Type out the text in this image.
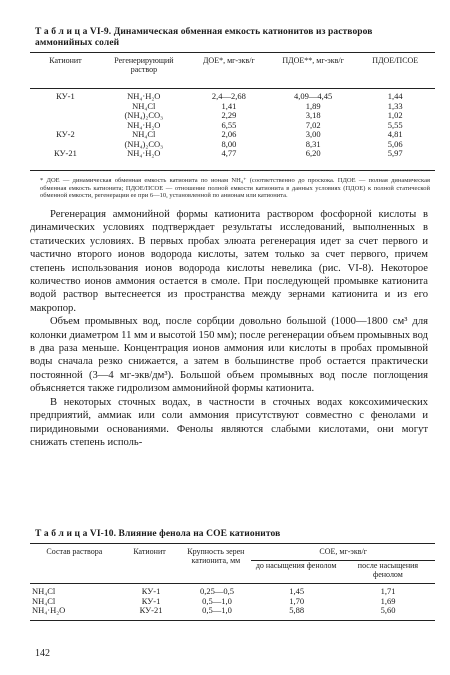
Т а б л и ц а VI-9. Динамическая обменная емкость катионитов из растворов аммонийных солей
Катионит	Регенерирующий раствор	ДОЕ*, мг-экв/г	ПДОЕ**, мг-экв/г	ПДОЕ/ПСОЕ
КУ-1	NH₄·H₂O	2,4—2,68	4,09—4,45	1,44
	NH₄Cl	1,41	1,89	1,33
	(NH₄)₂CO₃	2,29	3,18	1,02
	NH₄·H₂O	6,55	7,02	5,55
КУ-2	NH₄Cl	2,06	3,00	4,81
	(NH₄)₂CO₃	8,00	8,31	5,06
КУ-21	NH₄·H₂O	4,77	6,20	5,97
* ДОЕ — динамическая обменная емкость катионита по ионам NH₄⁺ (соответственно до проскока. ПДОЕ — полная динамическая обменная емкость катионита; ПДОЕ/ПСОЕ — отношение полной емкости катионита в данных условиях (ПДОЕ) к полной статической обменной емкости, регенерации ее при 6—10, установленной по анионам или катионита.

Регенерация аммонийной формы катионита раствором фосфорной кислоты в динамических условиях подтверждает результаты исследований, выполненных в статических условиях. В первых пробах элюата регенерация идет за счет первого и частично второго ионов водорода кислоты, затем только за счет первого, причем степень использования ионов водорода кислоты невелика (рис. VI-8). Некоторое количество ионов аммония остается в смоле. При последующей промывке катионита водой раствор вытеснеется из пространства между зернами катионита и из его макропор.

Объем промывных вод, после сорбции довольно большой (1000—1800 см³ для колонки диаметром 11 мм и высотой 150 мм); после регенерации объем промывных вод в два раза меньше. Концентрация ионов аммония или кислоты в пробах промывной воды сначала резко снижается, а затем в большинстве проб остается практически постоянной (3—4 мг-экв/дм³). Большой объем промывных вод после поглощения объясняется также гидролизом аммонийной формы катионита.

В некоторых сточных водах, в частности в сточных водах коксохимических предприятий, аммиак или соли аммония присутствуют совместно с фенолами и пиридиновыми основаниями. Фенолы являются слабыми кислотами, они могут снижать степень исполь-

Т а б л и ц а VI-10. Влияние фенола на СОЕ катионитов
Состав раствора	Катионит	Крупность зерен катионита, мм	СОЕ, мг-экв/г	
			до насыщения фенолом	после насыщения фенолом
NH₄Cl	КУ-1	0,25—0,5	1,45	1,71
NH₄Cl	КУ-1	0,5—1,0	1,70	1,69
NH₄·H₂O	КУ-21	0,5—1,0	5,88	5,60
142
